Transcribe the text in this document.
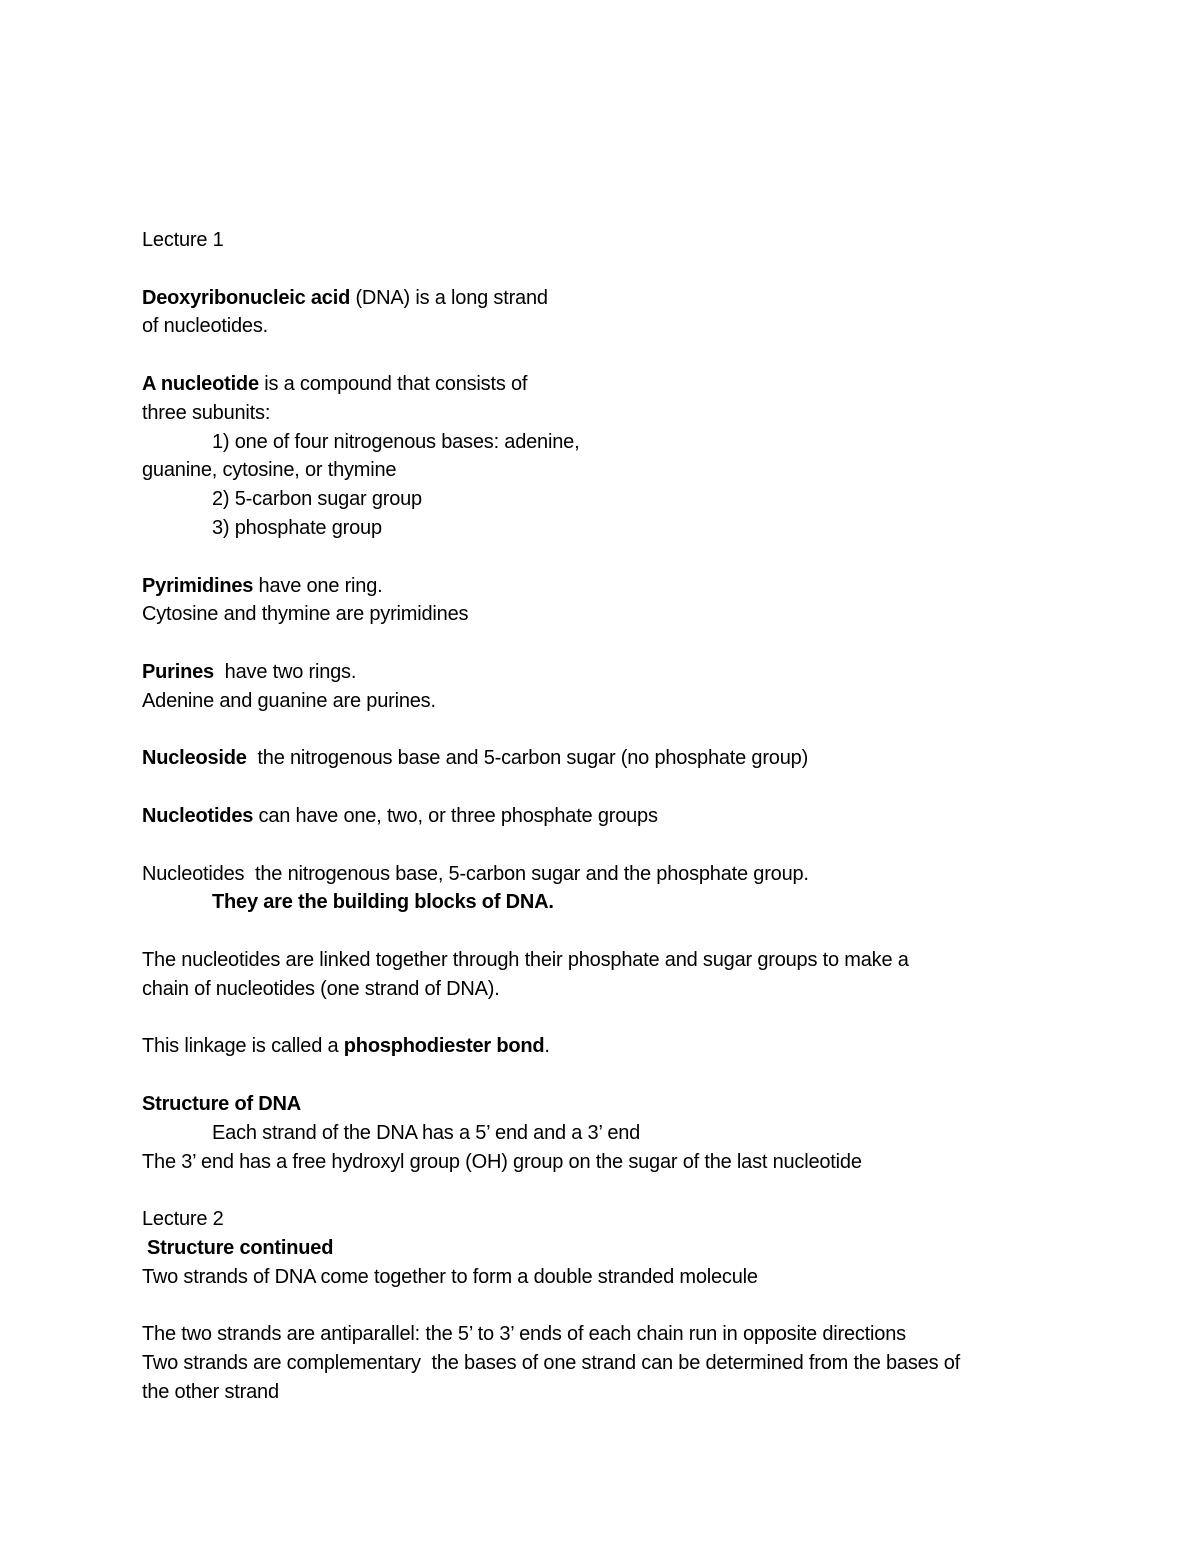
Lecture 1
Deoxyribonucleic acid (DNA) is a long strand
of nucleotides.
A nucleotide is a compound that consists of
three subunits:
1) one of four nitrogenous bases: adenine,
guanine, cytosine, or thymine
2) 5-carbon sugar group
3) phosphate group
Pyrimidines have one ring.
Cytosine and thymine are pyrimidines
Purines  have two rings.
Adenine and guanine are purines.
Nucleoside  the nitrogenous base and 5-carbon sugar (no phosphate group)
Nucleotides can have one, two, or three phosphate groups
Nucleotides  the nitrogenous base, 5-carbon sugar and the phosphate group.
They are the building blocks of DNA.
The nucleotides are linked together through their phosphate and sugar groups to make a
chain of nucleotides (one strand of DNA).
This linkage is called a phosphodiester bond.
Structure of DNA
Each strand of the DNA has a 5’ end and a 3’ end
The 3’ end has a free hydroxyl group (OH) group on the sugar of the last nucleotide
Lecture 2
Structure continued
Two strands of DNA come together to form a double stranded molecule
The two strands are antiparallel: the 5’ to 3’ ends of each chain run in opposite directions
Two strands are complementary  the bases of one strand can be determined from the bases of
the other strand
